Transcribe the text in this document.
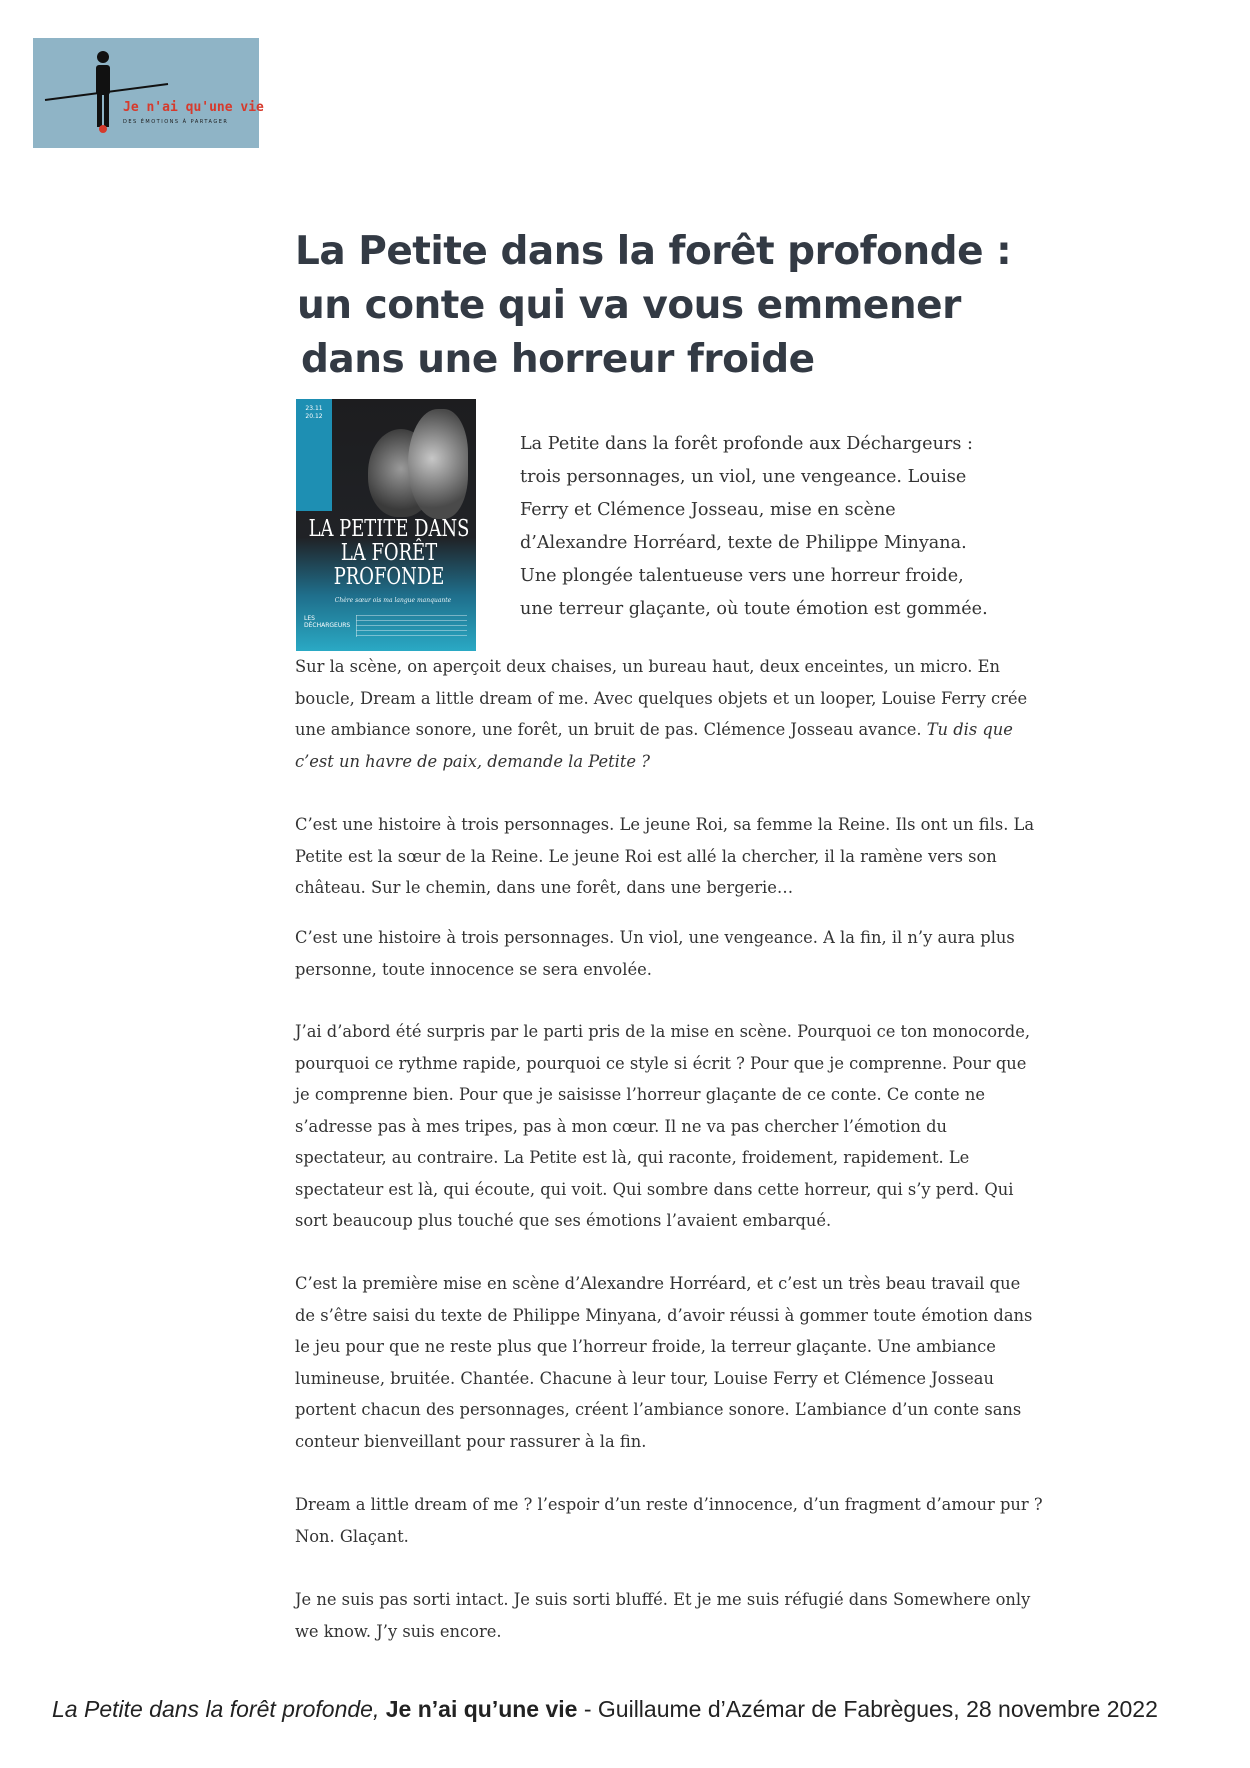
Je n'ai qu'une vie
DES ÉMOTIONS À PARTAGER
La Petite dans la forêt profonde :
un conte qui va vous emmener
dans une horreur froide
23.11
20.12
LA PETITE DANS LA FORÊT PROFONDE
Chère sœur ois ma langue manquante
LES DÉCHARGEURS

La Petite dans la forêt profonde aux Déchargeurs : trois personnages, un viol, une vengeance. Louise Ferry et Clémence Josseau, mise en scène d’Alexandre Horréard, texte de Philippe Minyana. Une plongée talentueuse vers une horreur froide, une terreur glaçante, où toute émotion est gommée.

Sur la scène, on aperçoit deux chaises, un bureau haut, deux enceintes, un micro. En boucle, Dream a little dream of me. Avec quelques objets et un looper, Louise Ferry crée une ambiance sonore, une forêt, un bruit de pas. Clémence Josseau avance. Tu dis que c’est un havre de paix, demande la Petite ?

C’est une histoire à trois personnages. Le jeune Roi, sa femme la Reine. Ils ont un fils. La Petite est la sœur de la Reine. Le jeune Roi est allé la chercher, il la ramène vers son château. Sur le chemin, dans une forêt, dans une bergerie…

C’est une histoire à trois personnages. Un viol, une vengeance. A la fin, il n’y aura plus personne, toute innocence se sera envolée.

J’ai d’abord été surpris par le parti pris de la mise en scène. Pourquoi ce ton monocorde, pourquoi ce rythme rapide, pourquoi ce style si écrit ? Pour que je comprenne. Pour que je comprenne bien. Pour que je saisisse l’horreur glaçante de ce conte. Ce conte ne s’adresse pas à mes tripes, pas à mon cœur. Il ne va pas chercher l’émotion du spectateur, au contraire. La Petite est là, qui raconte, froidement, rapidement. Le spectateur est là, qui écoute, qui voit. Qui sombre dans cette horreur, qui s’y perd. Qui sort beaucoup plus touché que ses émotions l’avaient embarqué.

C’est la première mise en scène d’Alexandre Horréard, et c’est un très beau travail que de s’être saisi du texte de Philippe Minyana, d’avoir réussi à gommer toute émotion dans le jeu pour que ne reste plus que l’horreur froide, la terreur glaçante. Une ambiance lumineuse, bruitée. Chantée. Chacune à leur tour, Louise Ferry et Clémence Josseau portent chacun des personnages, créent l’ambiance sonore. L’ambiance d’un conte sans conteur bienveillant pour rassurer à la fin.

Dream a little dream of me ? l’espoir d’un reste d’innocence, d’un fragment d’amour pur ? Non. Glaçant.

Je ne suis pas sorti intact. Je suis sorti bluffé. Et je me suis réfugié dans Somewhere only we know. J’y suis encore.

La Petite dans la forêt profonde, Je n’ai qu’une vie - Guillaume d’Azémar de Fabrègues, 28 novembre 2022
